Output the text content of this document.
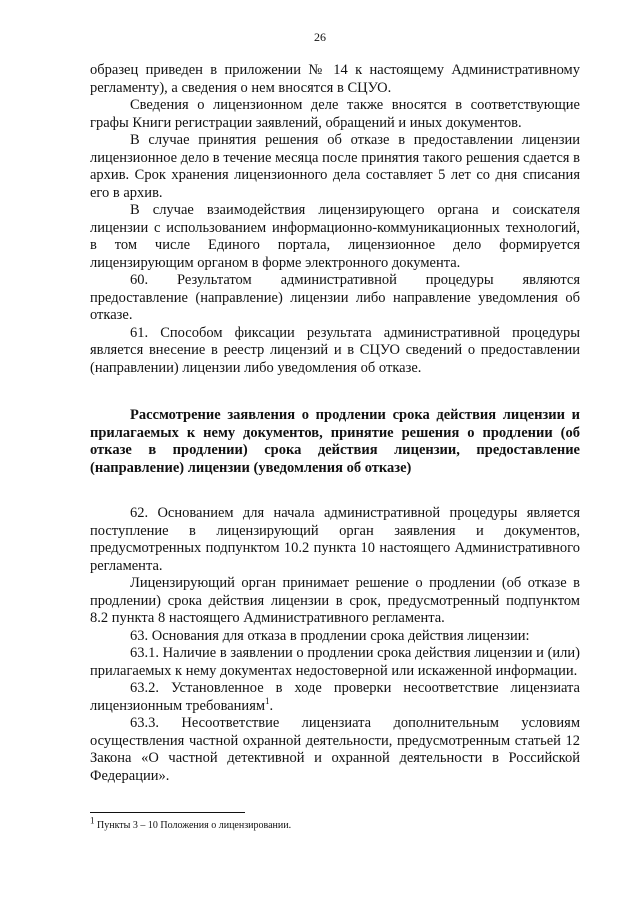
26

образец приведен в приложении № 14 к настоящему Административному регламенту), а сведения о нем вносятся в СЦУО.

Сведения о лицензионном деле также вносятся в соответствующие графы Книги регистрации заявлений, обращений и иных документов.

В случае принятия решения об отказе в предоставлении лицензии лицензионное дело в течение месяца после принятия такого решения сдается в архив. Срок хранения лицензионного дела составляет 5 лет со дня списания его в архив.

В случае взаимодействия лицензирующего органа и соискателя лицензии с использованием информационно-коммуникационных технологий, в том числе Единого портала, лицензионное дело формируется лицензирующим органом в форме электронного документа.

60. Результатом административной процедуры являются предоставление (направление) лицензии либо направление уведомления об отказе.

61. Способом фиксации результата административной процедуры является внесение в реестр лицензий и в СЦУО сведений о предоставлении (направлении) лицензии либо уведомления об отказе.

Рассмотрение заявления о продлении срока действия лицензии и прилагаемых к нему документов, принятие решения о продлении (об отказе в продлении) срока действия лицензии, предоставление (направление) лицензии (уведомления об отказе)

62. Основанием для начала административной процедуры является поступление в лицензирующий орган заявления и документов, предусмотренных подпунктом 10.2 пункта 10 настоящего Административного регламента.

Лицензирующий орган принимает решение о продлении (об отказе в продлении) срока действия лицензии в срок, предусмотренный подпунктом 8.2 пункта 8 настоящего Административного регламента.

63. Основания для отказа в продлении срока действия лицензии:

63.1. Наличие в заявлении о продлении срока действия лицензии и (или) прилагаемых к нему документах недостоверной или искаженной информации.

63.2. Установленное в ходе проверки несоответствие лицензиата лицензионным требованиям$^1$.

63.3. Несоответствие лицензиата дополнительным условиям осуществления частной охранной деятельности, предусмотренным статьей 12 Закона «О частной детективной и охранной деятельности в Российской Федерации».

$^1$ Пункты 3 – 10 Положения о лицензировании.
